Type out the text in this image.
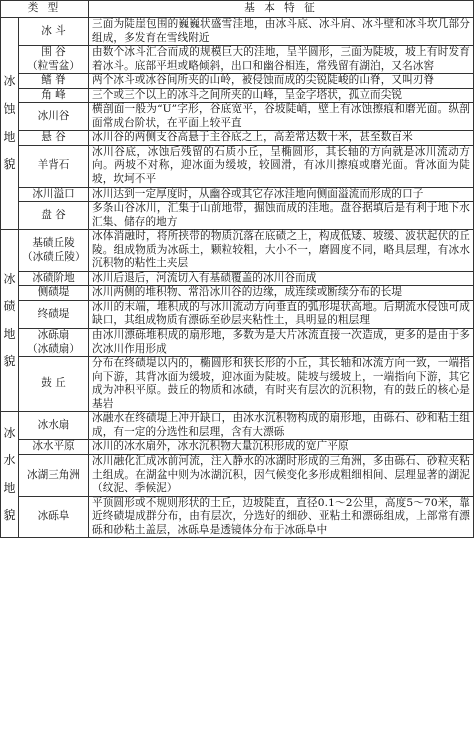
类 型		基 本 特 征
冰蚀地貌	冰 斗	三面为陡崖包围的巍巍状盛雪洼地，由冰斗底、冰斗肩、冰斗壁和冰斗坎几部分组成，多发育在雪线附近
	围 谷
（粒雪盆）	由数个冰斗汇合而成的规模巨大的洼地，呈半圆形，三面为陡坡，坡上有时发育着冰斗。底部平坦或略倾斜，出口和幽谷相连，常残留有湖泊，又名冰窖
	鳍 脊	两个冰斗或冰谷间所夹的山岭，被侵蚀而成的尖锐陡峻的山脊，又叫刃脊
	角 峰	三个或三个以上的冰斗之间所夹的山峰，呈金字塔状，孤立而尖锐
	冰川谷	横剖面一般为“U”字形，谷底宽平，谷坡陡峭，壁上有冰蚀擦痕和磨光面。纵剖面常成台阶状，在平面上较平直
	悬 谷	冰川谷的两侧支谷高悬于主谷底之上，高差常达数十米，甚至数百米
	羊背石	冰川谷底，冰蚀后残留的石质小丘，呈椭圆形，其长轴的方向就是冰川流动方向。两坡不对称，迎冰面为缓坡，较圆滑，有冰川擦痕或磨光面。背冰面为陡坡，坎坷不平
	冰川溢口	冰川达到一定厚度时，从幽谷或其它存冰洼地向侧面溢流而形成的口子
	盘 谷	多条山谷冰川，汇集于山前地带，掘蚀而成的洼地。盘谷据填后是有利于地下水汇集、储存的地方
冰碛地貌	基碛丘陵
（冰碛丘陵）	冰体消融时，将所挟带的物质沉落在底碛之上，构成低矮、坡缓、波状起伏的丘陵。组成物质为冰砾土，颗粒较粗，大小不一，磨圆度不同，略具层理，有冰水沉积物的粘性土夹层
	冰碛阶地	冰川后退后，河流切入有基碛覆盖的冰川谷而成
	侧碛堤	冰川两侧的堆积物、常沿冰川谷的边缘，成连续或断续分布的长堤
	终碛堤	冰川的末端，堆积成的与冰川流动方向垂直的弧形堤状高地。后期流水侵蚀可成缺口，其组成物质有漂砾至砂层夹粘性土，具明显的粗层理
	冰砾扇
（冰碛扇）	由冰川漂砾堆积成的扇形地，多数为是大片冰流直接一次造成，更多的是由于多次冰川作用形成
	鼓 丘	分布在终碛堤以内的，椭圆形和狭长形的小丘，其长轴和冰流方向一致，一端指向下游，其背冰面为缓坡，迎冰面为陡坡。陡坡与缓坡上，一端指向下游，其它成为冲积平原。鼓丘的物质和冰碛，有时夹有层次的沉积物，有的鼓丘的核心是基岩
冰水地貌	冰水扇	冰融水在终碛堤上冲开缺口，由冰水沉积物构成的扇形地，由砾石、砂和粘土组成，有一定的分选性和层理，含有大漂砾
	冰水平原	冰川的冰水扇外，冰水沉积物大量沉积形成的宽广平原
	冰湖三角洲	冰川融化汇成冰前河流，注入静水的冰湖时形成的三角洲，多由砾石、砂粒夹粘土组成。在湖盆中则为冰湖沉积，因气候变化多形成粗细相间、层理显著的湖泥（纹泥、季候泥）
	冰砾阜	平顶圆形或不规则形状的土丘，边坡陡直，直径0.1～2公里，高度5～70米，靠近终碛堤成群分布，由有层次，分选好的细砂、亚粘土和漂砾组成，上部常有漂砾和砂粘土盖层，冰砾阜是透镜体分布于冰砾阜中
